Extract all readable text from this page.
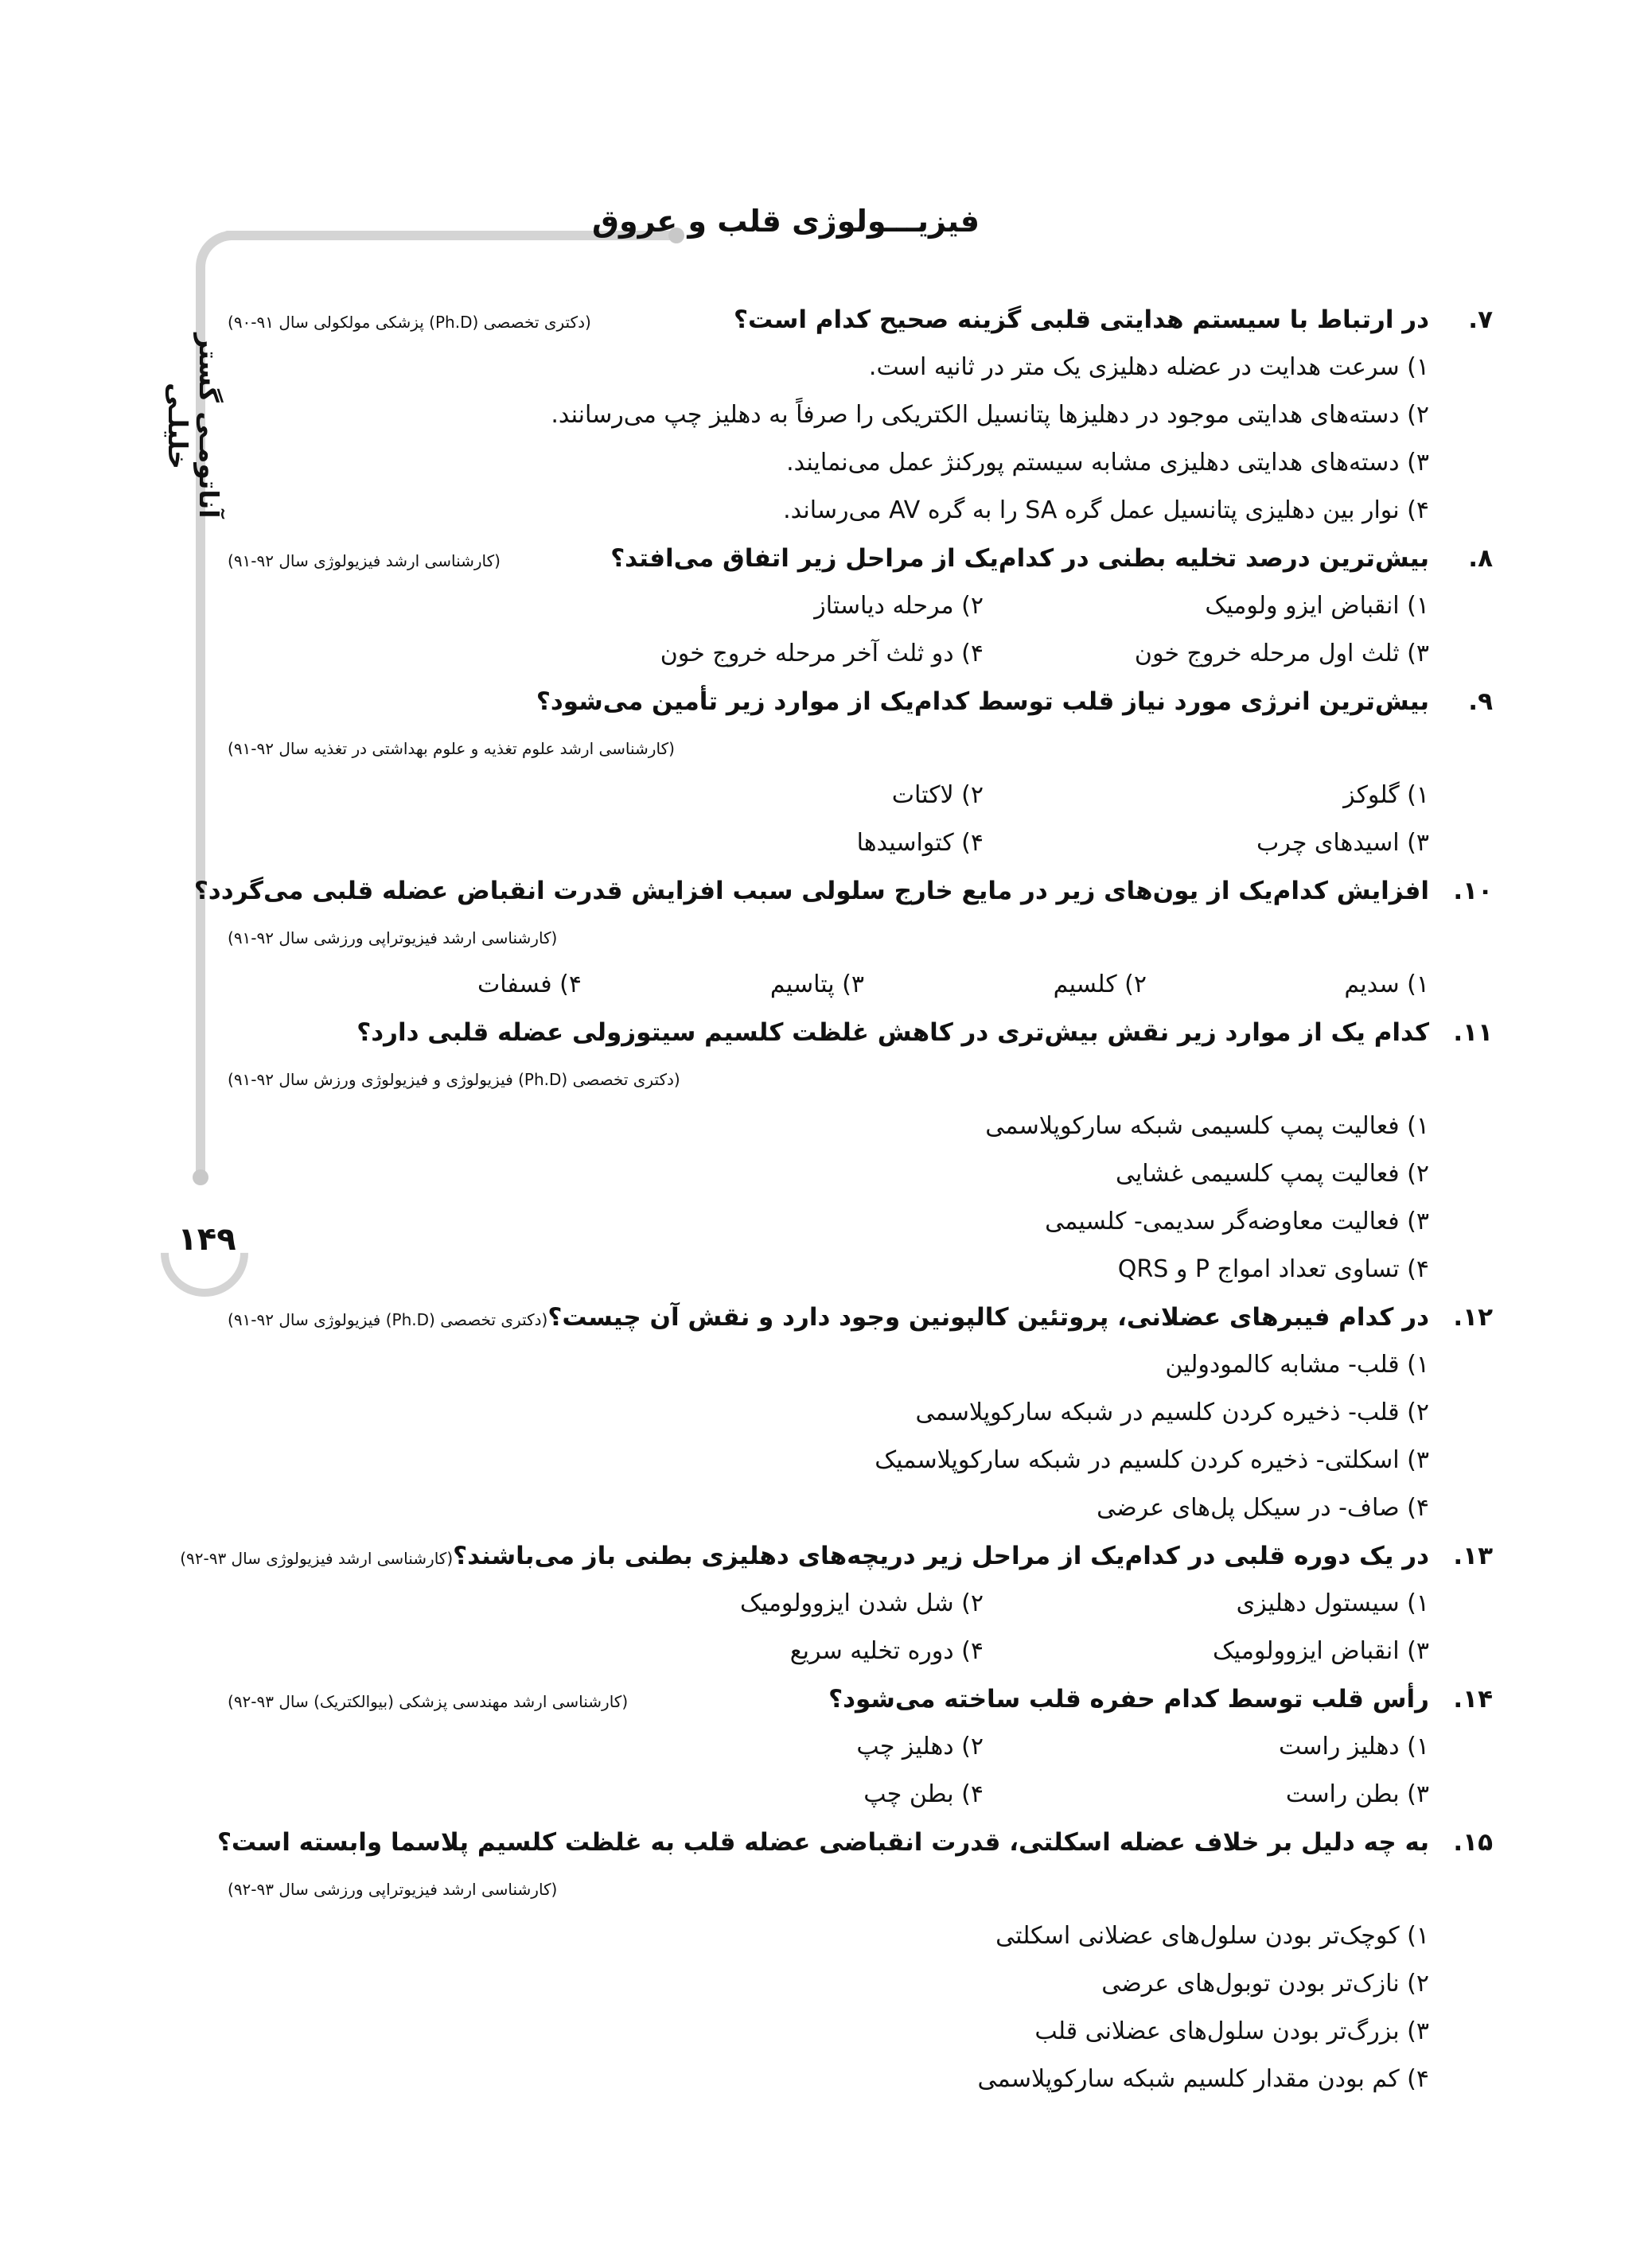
فیزیـــولوژی قلب و عروق
آناتومـی گستر خلیلـی
۱۴۹
۷.
در ارتباط با سیستم هدایتی قلبی گزینه صحیح کدام است؟
(دکتری تخصصی (Ph.D) پزشکی مولکولی سال ۹۱-۹۰)
۱) سرعت هدایت در عضله دهلیزی یک متر در ثانیه است.
۲) دسته‌های هدایتی موجود در دهلیزها پتانسیل الکتریکی را صرفاً به دهلیز چپ می‌رسانند.
۳) دسته‌های هدایتی دهلیزی مشابه سیستم پورکنژ عمل می‌نمایند.
۴) نوار بین دهلیزی پتانسیل عمل گره SA را به گره AV می‌رساند.
۸.
بیش‌ترین درصد تخلیه بطنی در کدام‌یک از مراحل زیر اتفاق می‌افتد؟
(کارشناسی ارشد فیزیولوژی سال ۹۲-۹۱)
۱) انقباض ایزو ولومیک
۲) مرحله دیاستاز
۳) ثلث اول مرحله خروج خون
۴) دو ثلث آخر مرحله خروج خون
۹.
بیش‌ترین انرژی مورد نیاز قلب توسط کدام‌یک از موارد زیر تأمین می‌شود؟
(کارشناسی ارشد علوم تغذیه و علوم بهداشتی در تغذیه سال ۹۲-۹۱)
۱) گلوکز
۲) لاکتات
۳) اسیدهای چرب
۴) کتواسیدها
۱۰.
افزایش کدام‌یک از یون‌های زیر در مایع خارج سلولی سبب افزایش قدرت انقباض عضله قلبی می‌گردد؟
(کارشناسی ارشد فیزیوتراپی ورزشی سال ۹۲-۹۱)
۱) سدیم
۲) کلسیم
۳) پتاسیم
۴) فسفات
۱۱.
کدام یک از موارد زیر نقش بیش‌تری در کاهش غلظت کلسیم سیتوزولی عضله قلبی دارد؟
(دکتری تخصصی (Ph.D) فیزیولوژی و فیزیولوژی ورزش سال ۹۲-۹۱)
۱) فعالیت پمپ کلسیمی شبکه سارکوپلاسمی
۲) فعالیت پمپ کلسیمی غشایی
۳) فعالیت معاوضه‌گر سدیمی- کلسیمی
۴) تساوی تعداد امواج P و QRS
۱۲.
در کدام فیبرهای عضلانی، پروتئین کالپونین وجود دارد و نقش آن چیست؟
(دکتری تخصصی (Ph.D) فیزیولوژی سال ۹۲-۹۱)
۱) قلب- مشابه کالمودولین
۲) قلب- ذخیره کردن کلسیم در شبکه سارکوپلاسمی
۳) اسکلتی- ذخیره کردن کلسیم در شبکه سارکوپلاسمیک
۴) صاف- در سیکل پل‌های عرضی
۱۳.
در یک دوره قلبی در کدام‌یک از مراحل زیر دریچه‌های دهلیزی بطنی باز می‌باشند؟
(کارشناسی ارشد فیزیولوژی سال ۹۳-۹۲)
۱) سیستول دهلیزی
۲) شل شدن ایزوولومیک
۳) انقباض ایزوولومیک
۴) دوره تخلیه سریع
۱۴.
رأس قلب توسط کدام حفره قلب ساخته می‌شود؟
(کارشناسی ارشد مهندسی پزشکی (بیوالکتریک) سال ۹۳-۹۲)
۱) دهلیز راست
۲) دهلیز چپ
۳) بطن راست
۴) بطن چپ
۱۵.
به چه دلیل بر خلاف عضله اسکلتی، قدرت انقباضی عضله قلب به غلظت کلسیم پلاسما وابسته است؟
(کارشناسی ارشد فیزیوتراپی ورزشی سال ۹۳-۹۲)
۱) کوچک‌تر بودن سلول‌های عضلانی اسکلتی
۲) نازک‌تر بودن توبول‌های عرضی
۳) بزرگ‌تر بودن سلول‌های عضلانی قلب
۴) کم بودن مقدار کلسیم شبکه سارکوپلاسمی
